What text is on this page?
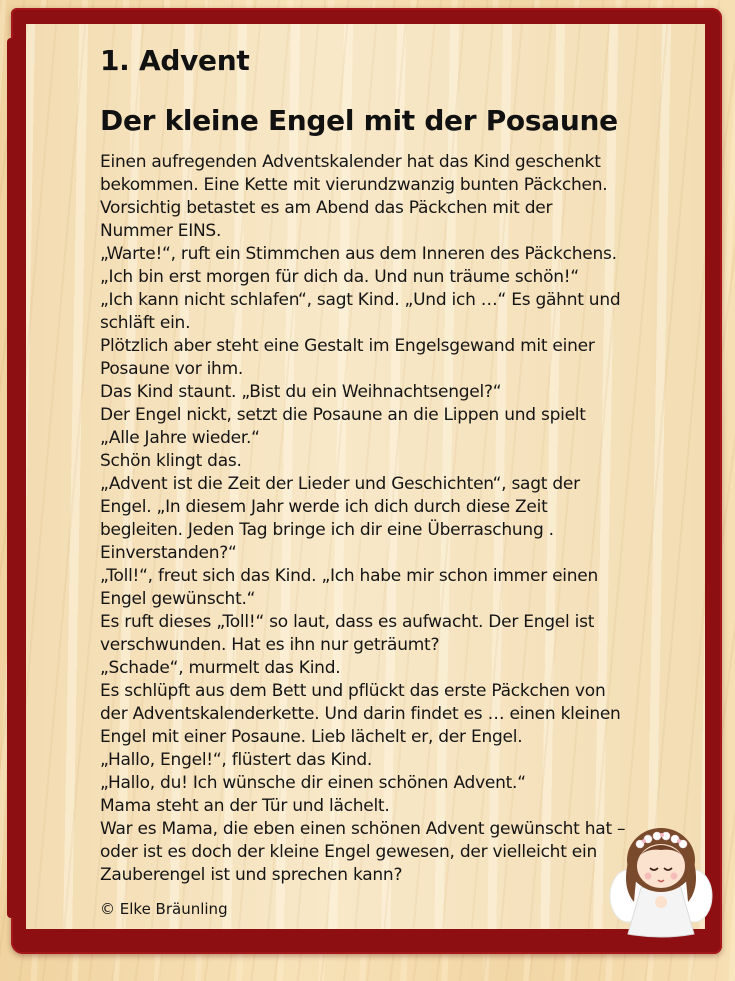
1. Advent
Der kleine Engel mit der Posaune
Einen aufregenden Adventskalender hat das Kind geschenkt
bekommen. Eine Kette mit vierundzwanzig bunten Päckchen.
Vorsichtig betastet es am Abend das Päckchen mit der
Nummer EINS.
„Warte!“, ruft ein Stimmchen aus dem Inneren des Päckchens.
„Ich bin erst morgen für dich da. Und nun träume schön!“
„Ich kann nicht schlafen“, sagt Kind. „Und ich …“ Es gähnt und
schläft ein.
Plötzlich aber steht eine Gestalt im Engelsgewand mit einer
Posaune vor ihm.
Das Kind staunt. „Bist du ein Weihnachtsengel?“
Der Engel nickt, setzt die Posaune an die Lippen und spielt
„Alle Jahre wieder.“
Schön klingt das.
„Advent ist die Zeit der Lieder und Geschichten“, sagt der
Engel. „In diesem Jahr werde ich dich durch diese Zeit
begleiten. Jeden Tag bringe ich dir eine Überraschung .
Einverstanden?“
„Toll!“, freut sich das Kind. „Ich habe mir schon immer einen
Engel gewünscht.“
Es ruft dieses „Toll!“ so laut, dass es aufwacht. Der Engel ist
verschwunden. Hat es ihn nur geträumt?
„Schade“, murmelt das Kind.
Es schlüpft aus dem Bett und pflückt das erste Päckchen von
der Adventskalenderkette. Und darin findet es … einen kleinen
Engel mit einer Posaune. Lieb lächelt er, der Engel.
„Hallo, Engel!“, flüstert das Kind.
„Hallo, du! Ich wünsche dir einen schönen Advent.“
Mama steht an der Tür und lächelt.
War es Mama, die eben einen schönen Advent gewünscht hat –
oder ist es doch der kleine Engel gewesen, der vielleicht ein
Zauberengel ist und sprechen kann?
© Elke Bräunling
